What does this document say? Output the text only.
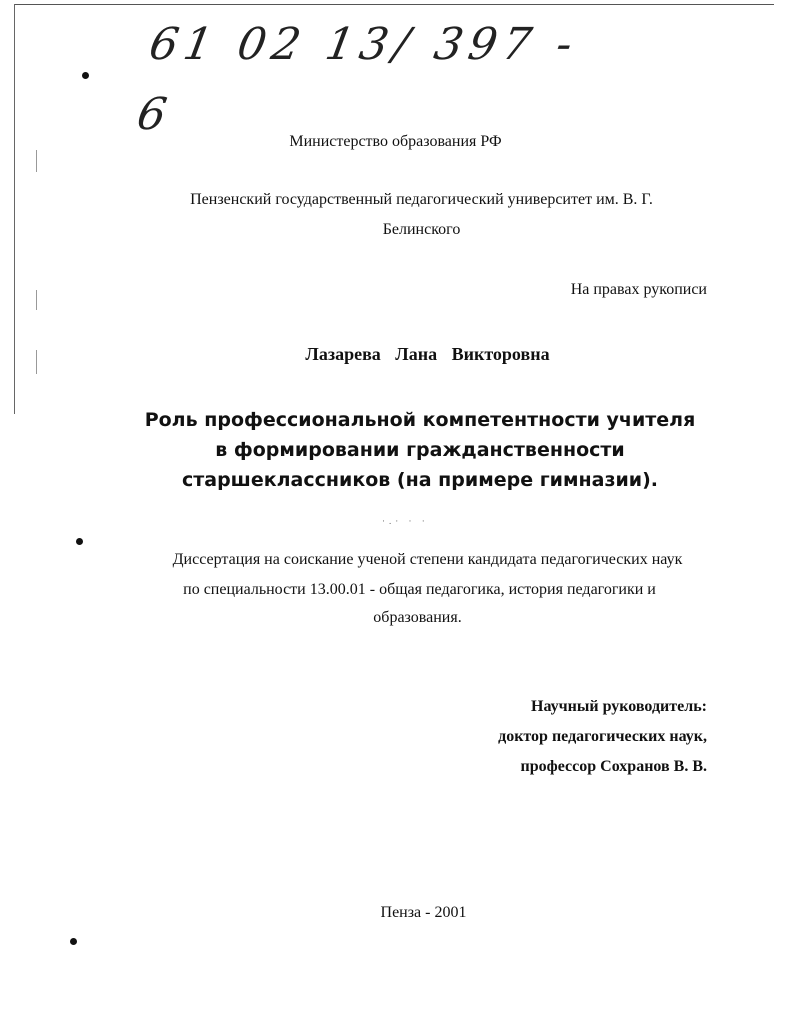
61 02 13/ 397 - 6
Министерство образования РФ
Пензенский государственный педагогический университет им. В. Г.
Белинского
На правах рукописи
Лазарева Лана Викторовна
Роль профессиональной компетентности учителя
в формировании гражданственности
старшеклассников (на примере гимназии).
·.· · ·
Диссертация на соискание ученой степени кандидата педагогических наук
по специальности 13.00.01 - общая педагогика, история педагогики и
образования.
Научный руководитель:
доктор педагогических наук,
профессор Сохранов В. В.
Пенза - 2001
